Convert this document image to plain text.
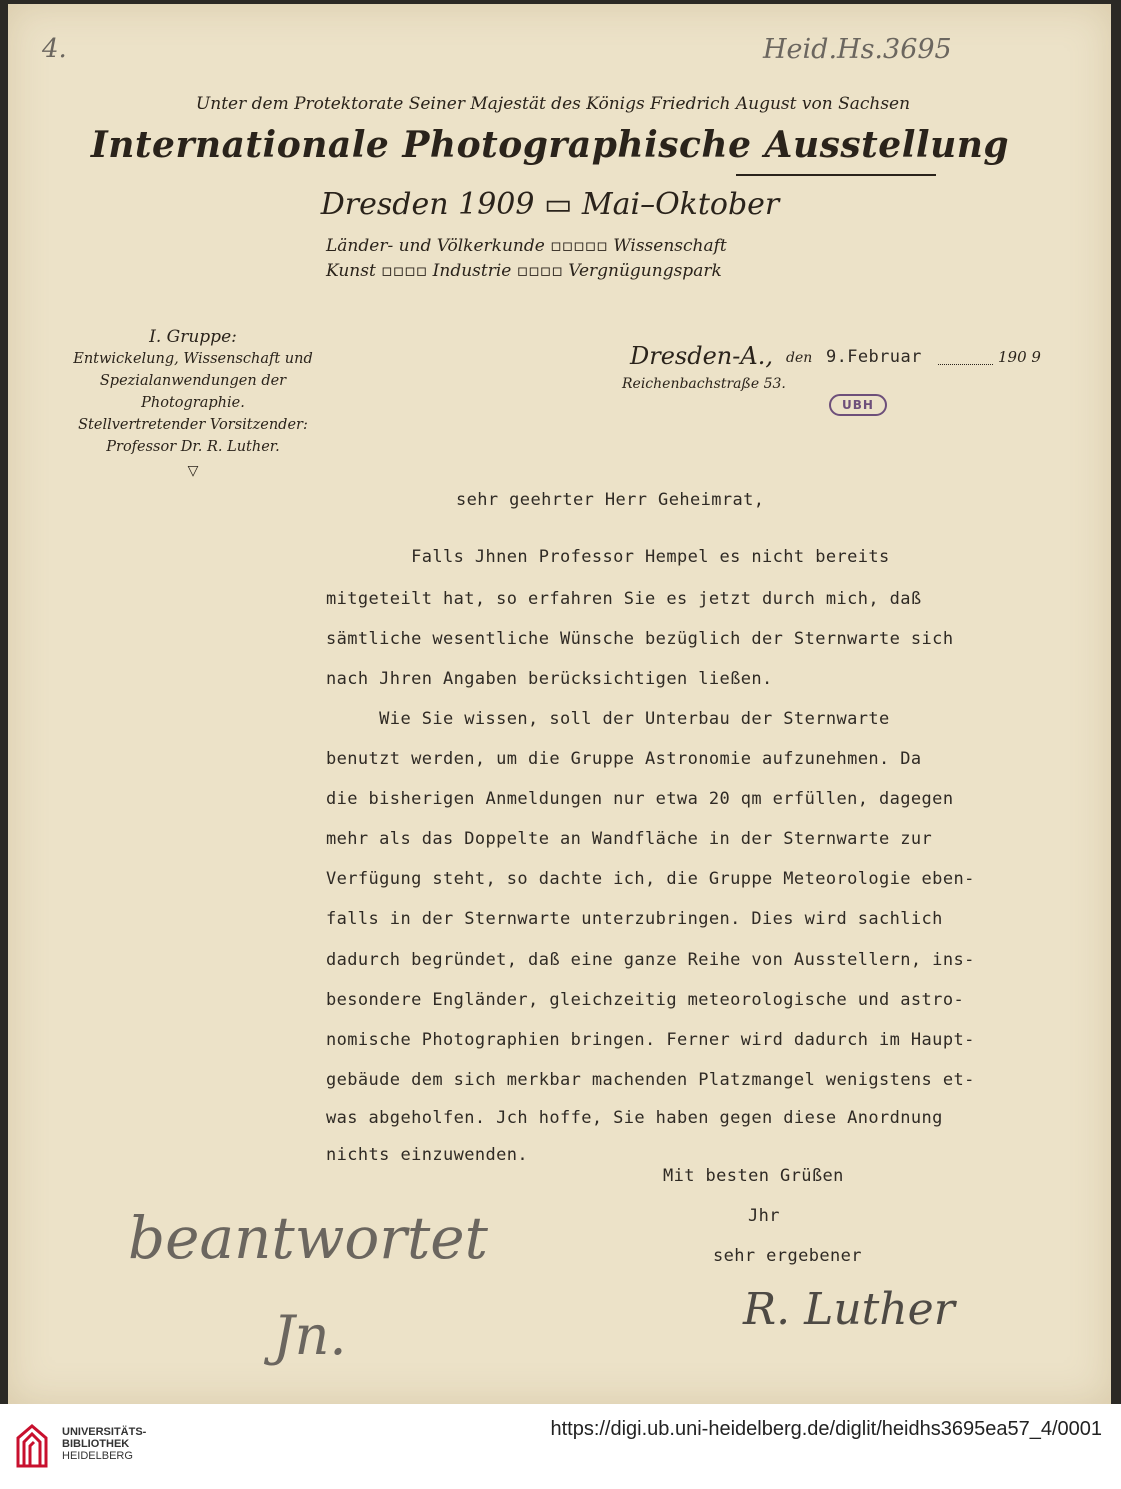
4.	Heid.Hs.3695
Unter dem Protektorate Seiner Majestät des Königs Friedrich August von Sachsen
Internationale Photographische Ausstellung
Dresden 1909 ▭ Mai–Oktober
Länder- und Völkerkunde ▫▫▫▫▫ Wissenschaft
Kunst ▫▫▫▫ Industrie ▫▫▫▫ Vergnügungspark
I. Gruppe:
Entwickelung, Wissenschaft und
Spezialanwendungen der
Photographie.
Stellvertretender Vorsitzender:
Professor Dr. R. Luther.
▽
Dresden-A., den 9.Februar	190 9
Reichenbachstraße 53.
UBH
sehr geehrter Herr Geheimrat,
Falls Jhnen Professor Hempel es nicht bereits
mitgeteilt hat, so erfahren Sie es jetzt durch mich, daß
sämtliche wesentliche Wünsche bezüglich der Sternwarte sich
nach Jhren Angaben berücksichtigen ließen.
Wie Sie wissen, soll der Unterbau der Sternwarte
benutzt werden, um die Gruppe Astronomie aufzunehmen. Da
die bisherigen Anmeldungen nur etwa 20 qm erfüllen, dagegen
mehr als das Doppelte an Wandfläche in der Sternwarte zur
Verfügung steht, so dachte ich, die Gruppe Meteorologie eben-
falls in der Sternwarte unterzubringen. Dies wird sachlich
dadurch begründet, daß eine ganze Reihe von Ausstellern, ins-
besondere Engländer, gleichzeitig meteorologische und astro-
nomische Photographien bringen. Ferner wird dadurch im Haupt-
gebäude dem sich merkbar machenden Platzmangel wenigstens et-
was abgeholfen. Jch hoffe, Sie haben gegen diese Anordnung
nichts einzuwenden.
Mit besten Grüßen
Jhr
sehr ergebener
R. Luther
beantwortet
Jn.
UNIVERSITÄTS-
BIBLIOTHEK
HEIDELBERG
https://digi.ub.uni-heidelberg.de/diglit/heidhs3695ea57_4/0001
